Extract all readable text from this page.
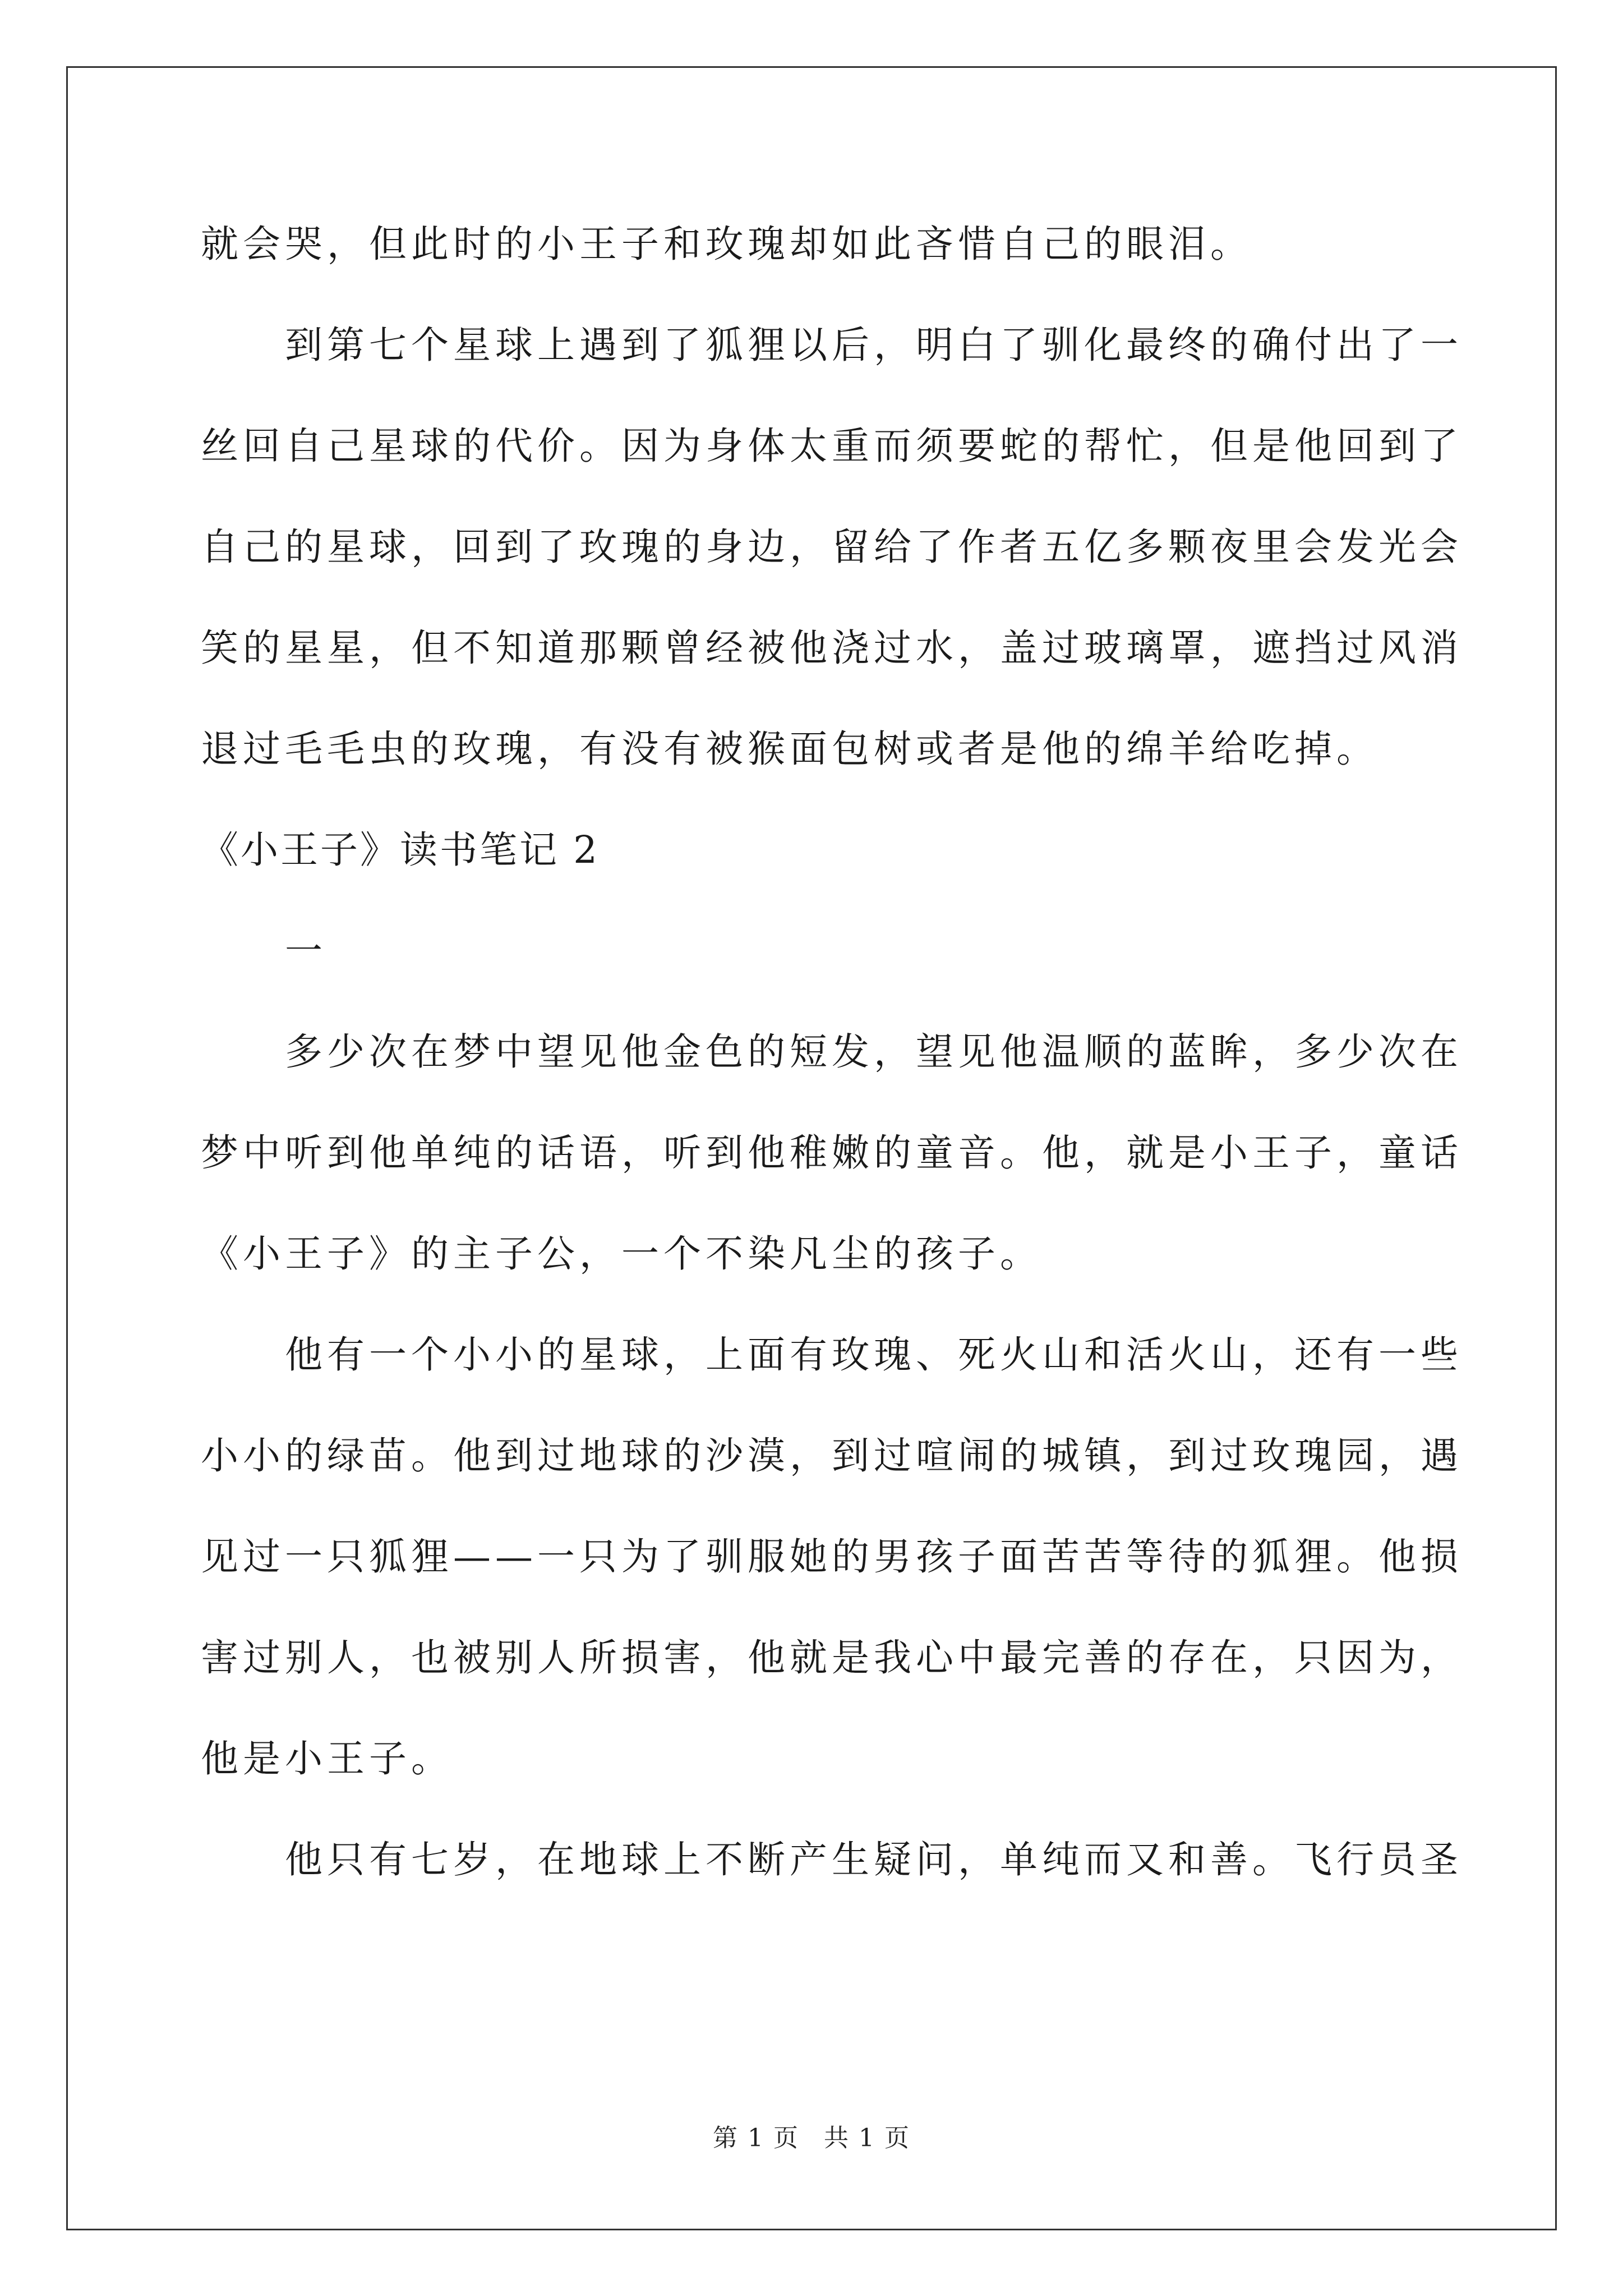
就会哭，但此时的小王子和玫瑰却如此吝惜自己的眼泪。
到第七个星球上遇到了狐狸以后，明白了驯化最终的确付出了一
丝回自己星球的代价。因为身体太重而须要蛇的帮忙，但是他回到了
自己的星球，回到了玫瑰的身边，留给了作者五亿多颗夜里会发光会
笑的星星，但不知道那颗曾经被他浇过水，盖过玻璃罩，遮挡过风消
退过毛毛虫的玫瑰，有没有被猴面包树或者是他的绵羊给吃掉。
《小王子》读书笔记 2
一
多少次在梦中望见他金色的短发，望见他温顺的蓝眸，多少次在
梦中听到他单纯的话语，听到他稚嫩的童音。他，就是小王子，童话
《小王子》的主子公，一个不染凡尘的孩子。
他有一个小小的星球，上面有玫瑰、死火山和活火山，还有一些
小小的绿苗。他到过地球的沙漠，到过喧闹的城镇，到过玫瑰园，遇
见过一只狐狸——一只为了驯服她的男孩子面苦苦等待的狐狸。他损
害过别人，也被别人所损害，他就是我心中最完善的存在，只因为，
他是小王子。
他只有七岁，在地球上不断产生疑问，单纯而又和善。飞行员圣
第 1 页 共 1 页
